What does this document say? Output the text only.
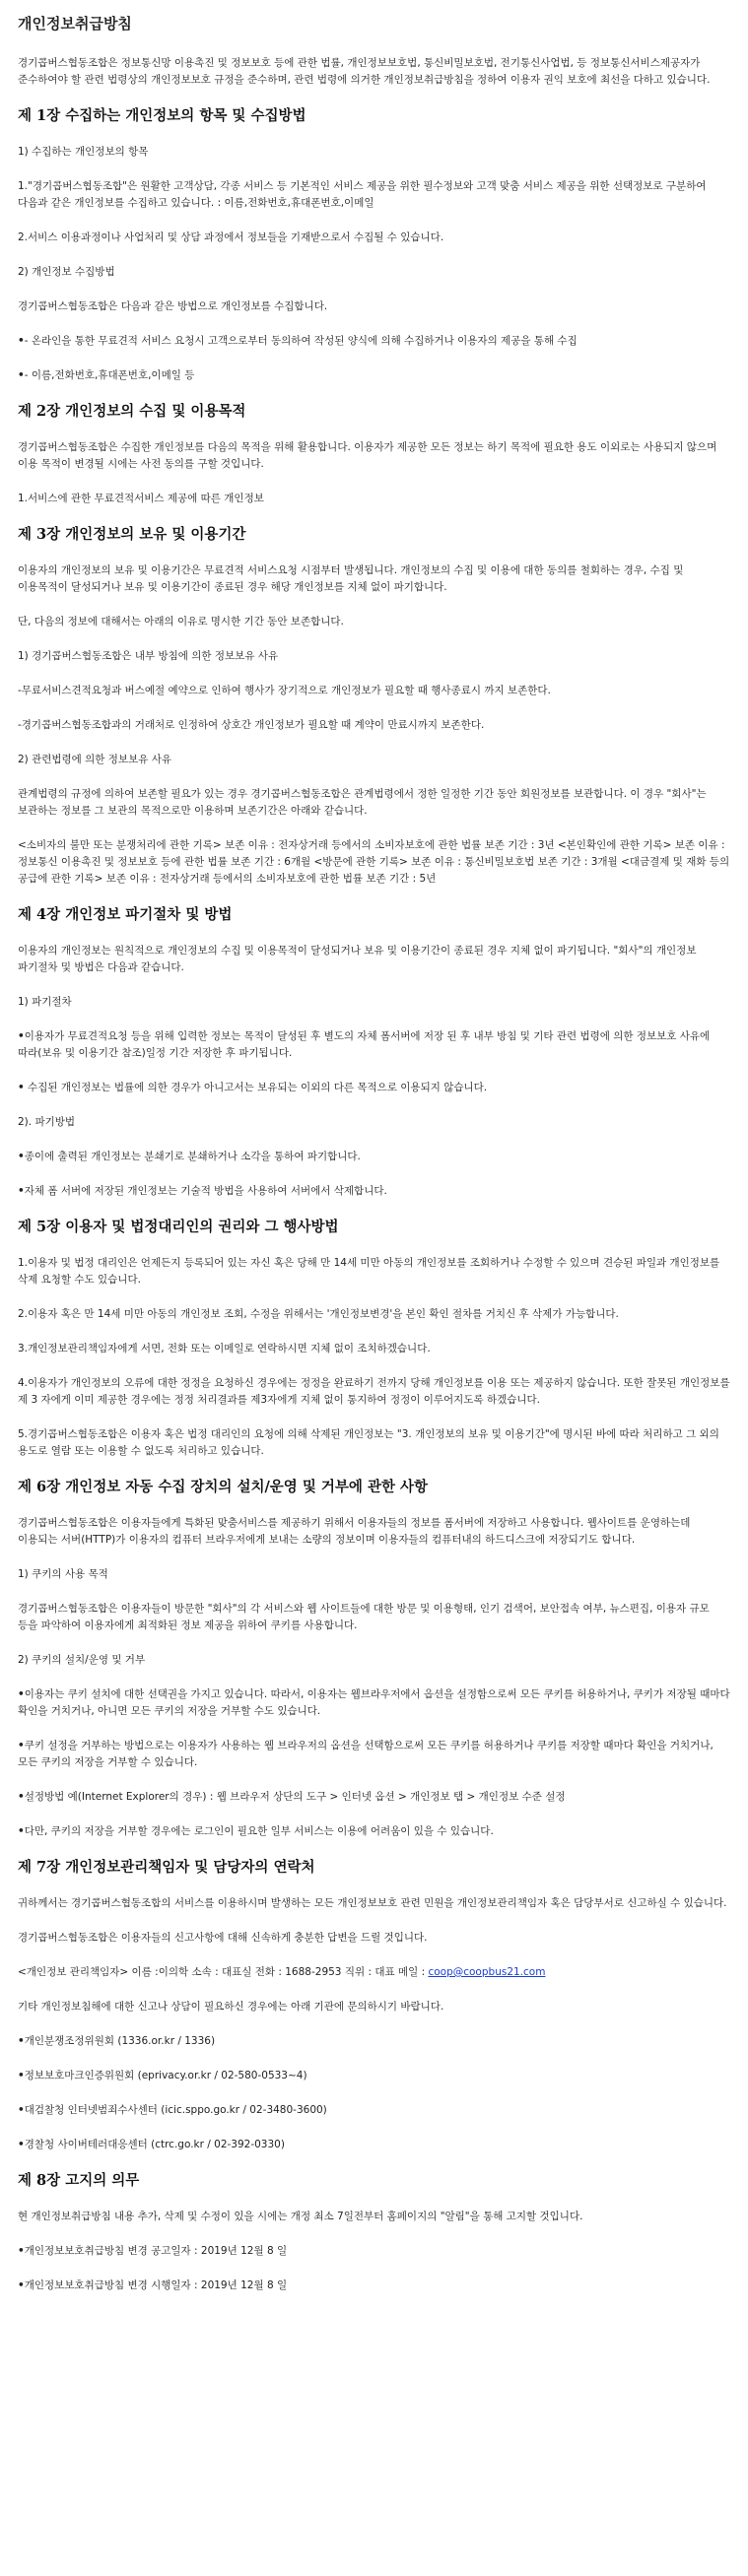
개인정보취급방침
경기콥버스협동조합은 정보통신망 이용촉진 및 정보보호 등에 관한 법률, 개인정보보호법, 통신비밀보호법, 전기통신사업법, 등 정보통신서비스제공자가 준수하여야 할 관련 법령상의 개인정보보호 규정을 준수하며, 관련 법령에 의거한 개인정보취급방침을 정하여 이용자 권익 보호에 최선을 다하고 있습니다.
제 1장 수집하는 개인정보의 항목 및 수집방법
1) 수집하는 개인정보의 항목
1."경기콥버스협동조합"은 원활한 고객상담, 각종 서비스 등 기본적인 서비스 제공을 위한 필수정보와 고객 맞춤 서비스 제공을 위한 선택정보로 구분하여 다음과 같은 개인정보를 수집하고 있습니다. : 이름,전화번호,휴대폰번호,이메일
2.서비스 이용과정이나 사업처리 및 상담 과정에서 정보들을 기재받으로서 수집될 수 있습니다.
2) 개인정보 수집방법
경기콥버스협동조합은 다음과 같은 방법으로 개인정보를 수집합니다.
•- 온라인을 통한 무료견적 서비스 요청시 고객으로부터 동의하여 작성된 양식에 의해 수집하거나 이용자의 제공을 통해 수집
•- 이름,전화번호,휴대폰번호,이메일 등
제 2장 개인정보의 수집 및 이용목적
경기콥버스협동조합은 수집한 개인정보를 다음의 목적을 위해 활용합니다. 이용자가 제공한 모든 정보는 하기 목적에 필요한 용도 이외로는 사용되지 않으며 이용 목적이 변경될 시에는 사전 동의를 구할 것입니다.
1.서비스에 관한 무료견적서비스 제공에 따른 개인정보
제 3장 개인정보의 보유 및 이용기간
이용자의 개인정보의 보유 및 이용기간은 무료견적 서비스요청 시점부터 발생됩니다. 개인정보의 수집 및 이용에 대한 동의를 철회하는 경우, 수집 및 이용목적이 달성되거나 보유 및 이용기간이 종료된 경우 해당 개인정보를 지체 없이 파기합니다.
단, 다음의 정보에 대해서는 아래의 이유로 명시한 기간 동안 보존합니다.
1) 경기콥버스협동조합은 내부 방침에 의한 정보보유 사유
-무료서비스견적요청과 버스예절 예약으로 인하여 행사가 장기적으로 개인정보가 필요할 때 행사종료시 까지 보존한다.
-경기콥버스협동조합과의 거래처로 인정하여 상호간 개인정보가 필요할 때 계약이 만료시까지 보존한다.
2) 관련법령에 의한 정보보유 사유
관계법령의 규정에 의하여 보존할 필요가 있는 경우 경기콥버스협동조합은 관계법령에서 정한 일정한 기간 동안 회원정보를 보관합니다. 이 경우 "회사"는 보관하는 정보를 그 보관의 목적으로만 이용하며 보존기간은 아래와 같습니다.
<소비자의 불만 또는 분쟁처리에 관한 기록> 보존 이유 : 전자상거래 등에서의 소비자보호에 관한 법률 보존 기간 : 3년 <본인확인에 관한 기록> 보존 이유 : 정보통신 이용촉진 및 정보보호 등에 관한 법률 보존 기간 : 6개월 <방문에 관한 기록> 보존 이유 : 통신비밀보호법 보존 기간 : 3개월 <대금결제 및 재화 등의 공급에 관한 기록> 보존 이유 : 전자상거래 등에서의 소비자보호에 관한 법률 보존 기간 : 5년
제 4장 개인정보 파기절차 및 방법
이용자의 개인정보는 원칙적으로 개인정보의 수집 및 이용목적이 달성되거나 보유 및 이용기간이 종료된 경우 지체 없이 파기됩니다. "회사"의 개인정보 파기절차 및 방법은 다음과 같습니다.
1) 파기절차
•이용자가 무료견적요청 등을 위해 입력한 정보는 목적이 달성된 후 별도의 자체 폼서버에 저장 된 후 내부 방침 및 기타 관련 법령에 의한 정보보호 사유에 따라(보유 및 이용기간 참조)일정 기간 저장한 후 파기됩니다.
• 수집된 개인정보는 법률에 의한 경우가 아니고서는 보유되는 이외의 다른 목적으로 이용되지 않습니다.
2). 파기방법
•종이에 출력된 개인정보는 분쇄기로 분쇄하거나 소각을 통하여 파기합니다.
•자체 폼 서버에 저장된 개인정보는 기술적 방법을 사용하여 서버에서 삭제합니다.
제 5장 이용자 및 법정대리인의 권리와 그 행사방법
1.이용자 및 법정 대리인은 언제든지 등록되어 있는 자신 혹은 당해 만 14세 미만 아동의 개인정보를 조회하거나 수정할 수 있으며 견승된 파일과 개인정보를 삭제 요청할 수도 있습니다.
2.이용자 혹은 만 14세 미만 아동의 개인정보 조회, 수정을 위해서는 '개인정보변경'을 본인 확인 절차를 거치신 후 삭제가 가능합니다.
3.개인정보관리책임자에게 서면, 전화 또는 이메일로 연락하시면 지체 없이 조치하겠습니다.
4.이용자가 개인정보의 오류에 대한 정정을 요청하신 경우에는 정정을 완료하기 전까지 당해 개인정보를 이용 또는 제공하지 않습니다. 또한 잘못된 개인정보를 제 3 자에게 이미 제공한 경우에는 정정 처리결과를 제3자에게 지체 없이 통지하여 정정이 이루어지도록 하겠습니다.
5.경기콥버스협동조합은 이용자 혹은 법정 대리인의 요청에 의해 삭제된 개인정보는 "3. 개인정보의 보유 및 이용기간"에 명시된 바에 따라 처리하고 그 외의 용도로 열람 또는 이용할 수 없도록 처리하고 있습니다.
제 6장 개인정보 자동 수집 장치의 설치/운영 및 거부에 관한 사항
경기콥버스협동조합은 이용자들에게 특화된 맞춤서비스를 제공하기 위해서 이용자들의 정보를 폼서버에 저장하고 사용합니다. 웹사이트를 운영하는데 이용되는 서버(HTTP)가 이용자의 컴퓨터 브라우저에게 보내는 소량의 정보이며 이용자들의 컴퓨터내의 하드디스크에 저장되기도 합니다.
1) 쿠키의 사용 목적
경기콥버스협동조합은 이용자들이 방문한 "회사"의 각 서비스와 웹 사이트들에 대한 방문 및 이용형태, 인기 검색어, 보안접속 여부, 뉴스편집, 이용자 규모 등을 파악하여 이용자에게 최적화된 정보 제공을 위하여 쿠키를 사용합니다.
2) 쿠키의 설치/운영 및 거부
•이용자는 쿠키 설치에 대한 선택권을 가지고 있습니다. 따라서, 이용자는 웹브라우저에서 옵션을 설정함으로써 모든 쿠키를 허용하거나, 쿠키가 저장될 때마다 확인을 거치거나, 아니면 모든 쿠키의 저장을 거부할 수도 있습니다.
•쿠키 설정을 거부하는 방법으로는 이용자가 사용하는 웹 브라우저의 옵션을 선택함으로써 모든 쿠키를 허용하거나 쿠키를 저장할 때마다 확인을 거치거나, 모든 쿠키의 저장을 거부할 수 있습니다.
•설정방법 예(Internet Explorer의 경우) : 웹 브라우저 상단의 도구 > 인터넷 옵션 > 개인정보 탭 > 개인정보 수준 설정
•다만, 쿠키의 저장을 거부할 경우에는 로그인이 필요한 일부 서비스는 이용에 어려움이 있을 수 있습니다.
제 7장 개인정보관리책임자 및 담당자의 연락처
귀하께서는 경기콥버스협동조합의 서비스를 이용하시며 발생하는 모든 개인정보보호 관련 민원을 개인정보관리책임자 혹은 담당부서로 신고하실 수 있습니다.
경기콥버스협동조합은 이용자들의 신고사항에 대해 신속하게 충분한 답변을 드릴 것입니다.
<개인정보 관리책임자> 이름 :이의학 소속 : 대표실 전화 : 1688-2953 직위 : 대표 메일 : coop@coopbus21.com
기타 개인정보침해에 대한 신고나 상담이 필요하신 경우에는 아래 기관에 문의하시기 바랍니다.
•개인분쟁조정위원회 (1336.or.kr / 1336)
•정보보호마크인증위원회 (eprivacy.or.kr / 02-580-0533~4)
•대검찰청 인터넷범죄수사센터 (icic.sppo.go.kr / 02-3480-3600)
•경찰청 사이버테러대응센터 (ctrc.go.kr / 02-392-0330)
제 8장 고지의 의무
현 개인정보취급방침 내용 추가, 삭제 및 수정이 있을 시에는 개정 최소 7일전부터 홈페이지의 "알림"을 통해 고지할 것입니다.
•개인정보보호취급방침 변경 공고일자 : 2019년 12월 8 일
•개인정보보호취급방침 변경 시행일자 : 2019년 12월 8 일
